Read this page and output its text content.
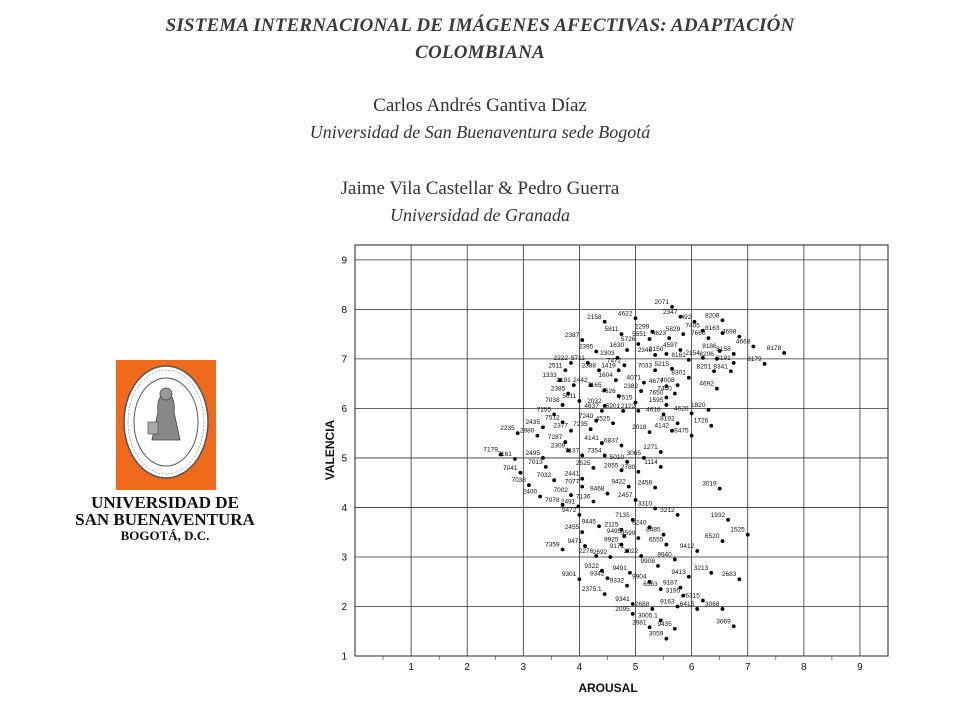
SISTEMA INTERNACIONAL DE IMÁGENES AFECTIVAS: ADAPTACIÓN
COLOMBIANA
Carlos Andrés Gantiva Díaz
Universidad de San Buenaventura sede Bogotá
Jaime Vila Castellar & Pedro Guerra
Universidad de Granada
UNIVERSIDAD DE
SAN BUENAVENTURA
BOGOTÁ, D.C.
1	2	3	4	5	6	7	8	9
1
2
3
4
5
6
7
8
9
2071
2347
492 8208
7405 8163
4622
2158
2299
5811
5551 4623
5829
7660	4698
2387
5726	4668
2395	1630
2346
2150
4597	8186 8158	8178
2303	2154 8206
8161	8191	8179
2222 5711	7472
7033 5215	8251 8341
2511	2388 1419
8301
1333	1604 4071
2191 2442	4677
4008	4692
7165	2382	7440
2385	4626	7650
5611	7515	1595
7038	2032
1820
4628
5201 2122 4616
4637
7255
7240 4525	8192	1726
7512
2435	7235
2377	2018 4142
8475
2235 2980
7287	4141 6837
2309	1271
7179	7137 7354	3065
7161 2495
5010
1114
7013	2525 2055 2780
7041
2441
7032
7038	7077	9422 2458	3019
9468
2400	7002
7136	2457
7078 2491	3310
9472	3212
7135	1932
9445 2115 6240
2455	8485	1525
9495 9599	6520
9471	9925	6555
7359	9171	9412
2276 2692	3022	9940
9908
9322 9491	3213
9342	9413
9301	9904	2683
9332	6563 9187
2375.1	3195
6315
9341
2688 9163 6415 3068
2095
3005.1
3069
2981 9435
3059
AROUSAL
VALENCIA
